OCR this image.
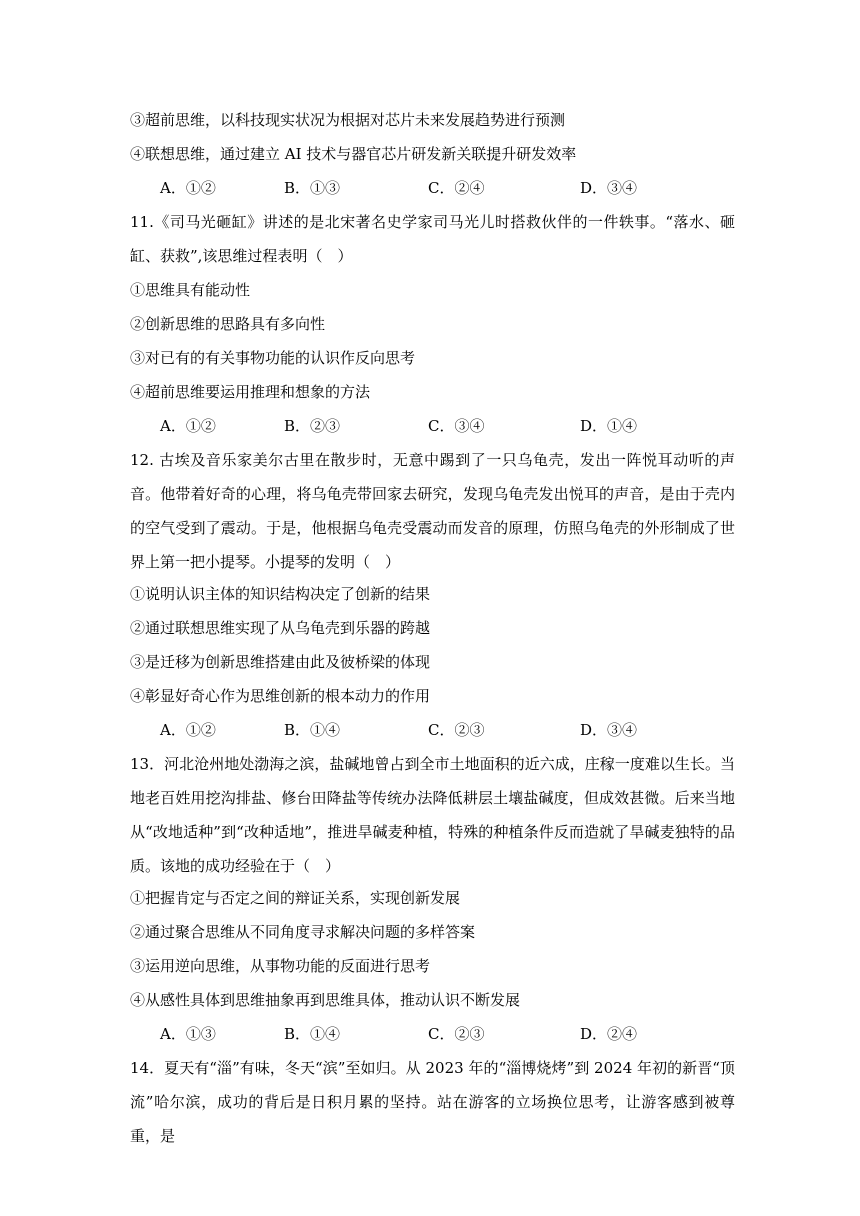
③超前思维，以科技现实状况为根据对芯片未来发展趋势进行预测
④联想思维，通过建立 AI 技术与器官芯片研发新关联提升研发效率
A．①②	B．①③	C．②④	D．③④
11.《司马光砸缸》讲述的是北宋著名史学家司马光儿时搭救伙伴的一件轶事。“落水、砸缸、获救”,该思维过程表明（　）
①思维具有能动性
②创新思维的思路具有多向性
③对已有的有关事物功能的认识作反向思考
④超前思维要运用推理和想象的方法
A．①②	B．②③	C．③④	D．①④
12. 古埃及音乐家美尔古里在散步时，无意中踢到了一只乌龟壳，发出一阵悦耳动听的声音。他带着好奇的心理，将乌龟壳带回家去研究，发现乌龟壳发出悦耳的声音，是由于壳内的空气受到了震动。于是，他根据乌龟壳受震动而发音的原理，仿照乌龟壳的外形制成了世界上第一把小提琴。小提琴的发明（　）
①说明认识主体的知识结构决定了创新的结果
②通过联想思维实现了从乌龟壳到乐器的跨越
③是迁移为创新思维搭建由此及彼桥梁的体现
④彰显好奇心作为思维创新的根本动力的作用
A．①②	B．①④	C．②③	D．③④
13．河北沧州地处渤海之滨，盐碱地曾占到全市土地面积的近六成，庄稼一度难以生长。当地老百姓用挖沟排盐、修台田降盐等传统办法降低耕层土壤盐碱度，但成效甚微。后来当地从“改地适种”到“改种适地”，推进旱碱麦种植，特殊的种植条件反而造就了旱碱麦独特的品质。该地的成功经验在于（　）
①把握肯定与否定之间的辩证关系，实现创新发展
②通过聚合思维从不同角度寻求解决问题的多样答案
③运用逆向思维，从事物功能的反面进行思考
④从感性具体到思维抽象再到思维具体，推动认识不断发展
A．①③	B．①④	C．②③	D．②④
14．夏天有“淄”有味，冬天“滨”至如归。从 2023 年的“淄博烧烤”到 2024 年初的新晋“顶流”哈尔滨，成功的背后是日积月累的坚持。站在游客的立场换位思考，让游客感到被尊重，是
